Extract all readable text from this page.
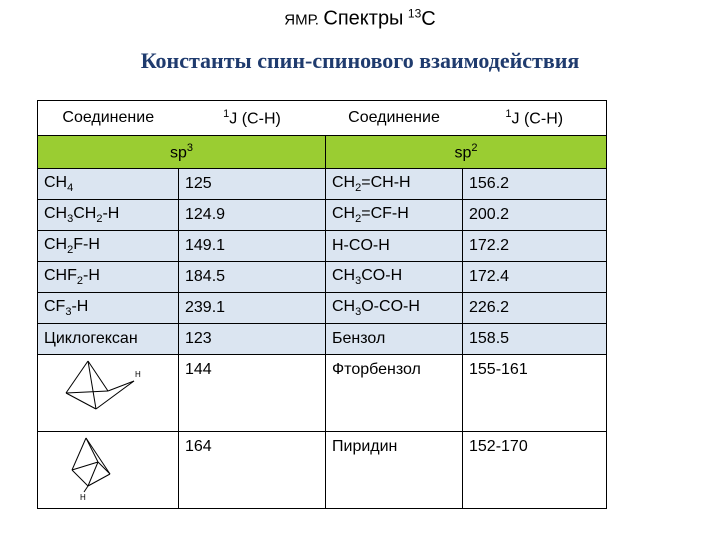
ЯМР. Спектры $^{13}$С
Константы спин-спинового взаимодействия
Соединение	$^1$J (C-H)	Соединение	$^1$J (C-H)
$sp^3$		$sp^2$
$CH_4$	125	$CH_2=CH-H$	156.2
$CH_3CH_2-H$	124.9	$CH_2=CF-H$	200.2
$CH_2F-H$	149.1	H-CO-H	172.2
$CHF_2-H$	184.5	$CH_3CO-H$	172.4
$CF_3-H$	239.1	$CH_3O-CO-H$	226.2
Циклогексан	123	Бензол	158.5

H	144	Фторбензол	155-161

H	164	Пиридин	152-170
